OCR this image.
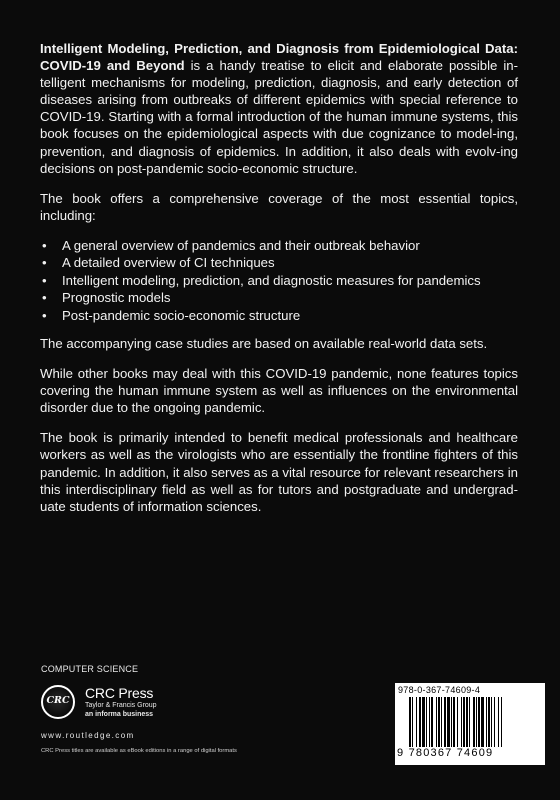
Intelligent Modeling, Prediction, and Diagnosis from Epidemiological Data: COVID-19 and Beyond is a handy treatise to elicit and elaborate possible in-telligent mechanisms for modeling, prediction, diagnosis, and early detection of diseases arising from outbreaks of different epidemics with special reference to COVID-19. Starting with a formal introduction of the human immune systems, this book focuses on the epidemiological aspects with due cognizance to model-ing, prevention, and diagnosis of epidemics. In addition, it also deals with evolv-ing decisions on post-pandemic socio-economic structure.

The book offers a comprehensive coverage of the most essential topics, including:

• A general overview of pandemics and their outbreak behavior
• A detailed overview of CI techniques
• Intelligent modeling, prediction, and diagnostic measures for pandemics
• Prognostic models
• Post-pandemic socio-economic structure

The accompanying case studies are based on available real-world data sets.

While other books may deal with this COVID-19 pandemic, none features topics covering the human immune system as well as influences on the environmental disorder due to the ongoing pandemic.

The book is primarily intended to benefit medical professionals and healthcare workers as well as the virologists who are essentially the frontline fighters of this pandemic. In addition, it also serves as a vital resource for relevant researchers in this interdisciplinary field as well as for tutors and postgraduate and undergrad-uate students of information sciences.

COMPUTER SCIENCE
CRC CRC Press
Taylor & Francis Group
an informa business
www.routledge.com
CRC Press titles are available as eBook editions in a range of digital formats
978-0-367-74609-4
9 780367 74609
